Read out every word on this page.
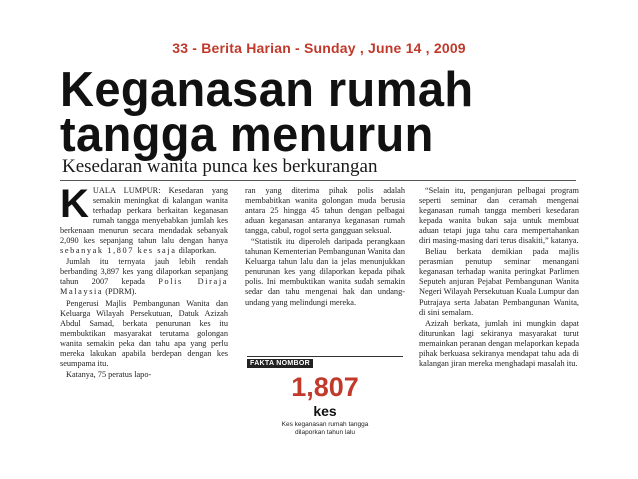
33 - Berita Harian - Sunday , June 14 , 2009
Keganasan rumah
tangga menurun
Kesedaran wanita punca kes berkurangan

KUALA LUMPUR: Kesedaran yang semakin meningkat di kalangan wanita terhadap perkara berkaitan keganasan rumah tangga menyebabkan jumlah kes berkenaan menurun secara mendadak sebanyak 2,090 kes sepanjang tahun lalu dengan hanya sebanyak 1,807 kes saja dilaporkan.

Jumlah itu ternyata jauh lebih rendah berbanding 3,897 kes yang dilaporkan sepanjang tahun 2007 kepada Polis Diraja Malaysia (PDRM).

Pengerusi Majlis Pembangunan Wanita dan Keluarga Wilayah Persekutuan, Datuk Azizah Abdul Samad, berkata penurunan kes itu membuktikan masyarakat terutama golongan wanita semakin peka dan tahu apa yang perlu mereka lakukan apabila berdepan dengan kes seumpama itu.

Katanya, 75 peratus lapo-

ran yang diterima pihak polis adalah membabitkan wanita golongan muda berusia antara 25 hingga 45 tahun dengan pelbagai aduan keganasan antaranya keganasan rumah tangga, cabul, rogol serta gangguan seksual.

“Statistik itu diperoleh daripada perangkaan tahunan Kementerian Pembangunan Wanita dan Keluarga tahun lalu dan ia jelas menunjukkan penurunan kes yang dilaporkan kepada pihak polis. Ini membuktikan wanita sudah semakin sedar dan tahu mengenai hak dan undang-undang yang melindungi mereka.

FAKTA NOMBOR
1,807
kes
Kes keganasan rumah tangga
dilaporkan tahun lalu

“Selain itu, penganjuran pelbagai program seperti seminar dan ceramah mengenai keganasan rumah tangga memberi kesedaran kepada wanita bukan saja untuk membuat aduan tetapi juga tahu cara mempertahankan diri masing-masing dari terus disakiti,” katanya.

Beliau berkata demikian pada majlis perasmian penutup seminar menangani keganasan terhadap wanita peringkat Parlimen Seputeh anjuran Pejabat Pembangunan Wanita Negeri Wilayah Persekutuan Kuala Lumpur dan Putrajaya serta Jabatan Pembangunan Wanita, di sini semalam.

Azizah berkata, jumlah ini mungkin dapat diturunkan lagi sekiranya masyarakat turut memainkan peranan dengan melaporkan kepada pihak berkuasa sekiranya mendapat tahu ada di kalangan jiran mereka menghadapi masalah itu.
